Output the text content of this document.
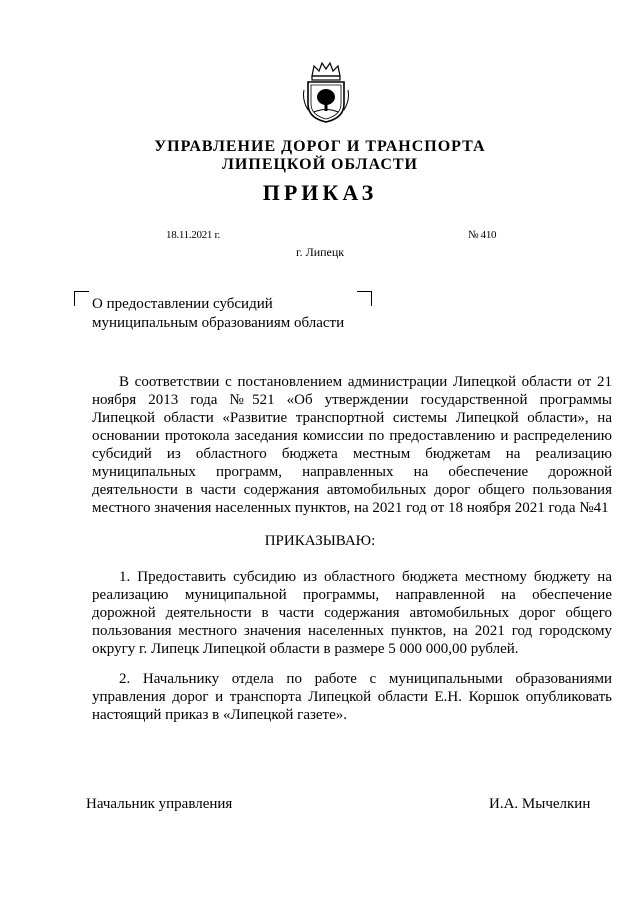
УПРАВЛЕНИЕ ДОРОГ И ТРАНСПОРТА
ЛИПЕЦКОЙ ОБЛАСТИ
ПРИКАЗ
18.11.2021 г.	№ 410
г. Липецк
О предоставлении субсидий
муниципальным образованиям области

В соответствии с постановлением администрации Липецкой области от 21 ноября 2013 года №521 «Об утверждении государственной программы Липецкой области «Развитие транспортной системы Липецкой области», на основании протокола заседания комиссии по предоставлению и распределению субсидий из областного бюджета местным бюджетам на реализацию муниципальных программ, направленных на обеспечение дорожной деятельности в части содержания автомобильных дорог общего пользования местного значения населенных пунктов, на 2021 год от 18 ноября 2021 года №41

ПРИКАЗЫВАЮ:

1. Предоставить субсидию из областного бюджета местному бюджету на реализацию муниципальной программы, направленной на обеспечение дорожной деятельности в части содержания автомобильных дорог общего пользования местного значения населенных пунктов, на 2021 год городскому округу г. Липецк Липецкой области в размере 5 000 000,00 рублей.

2. Начальнику отдела по работе с муниципальными образованиями управления дорог и транспорта Липецкой области Е.Н. Коршок опубликовать настоящий приказ в «Липецкой газете».

Начальник управления	И.А. Мычелкин
